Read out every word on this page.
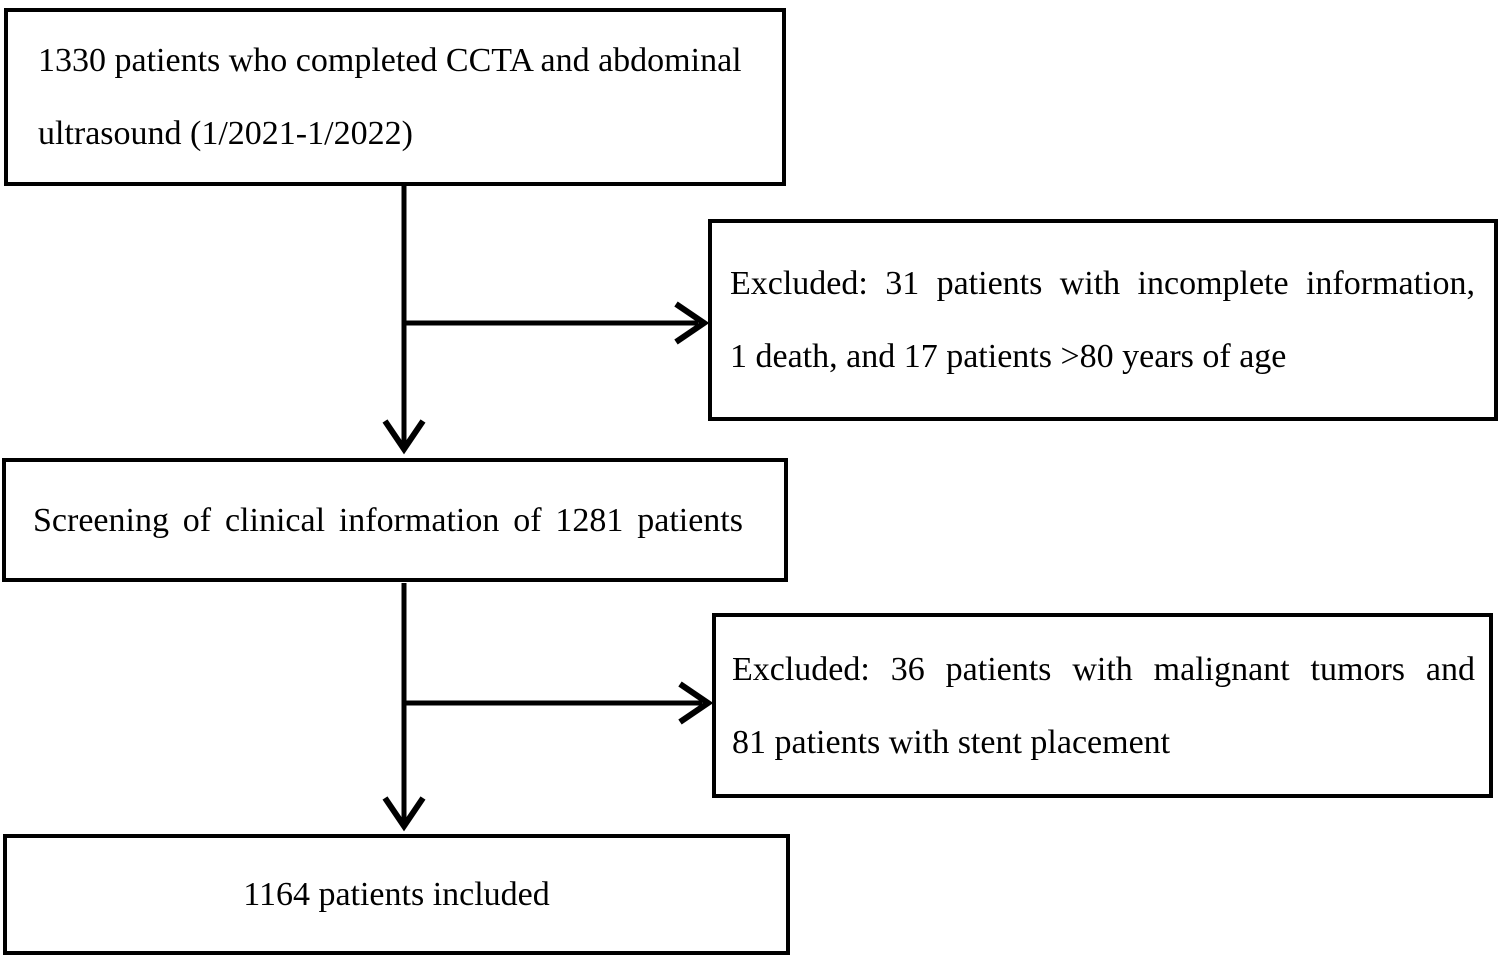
1330 patients who completed CCTA and abdominal
ultrasound (1/2021-1/2022)
Excluded: 31 patients with incomplete information,
1 death, and 17 patients >80 years of age
Screening of clinical information of 1281 patients
Excluded: 36 patients with malignant tumors and
81 patients with stent placement
1164 patients included
